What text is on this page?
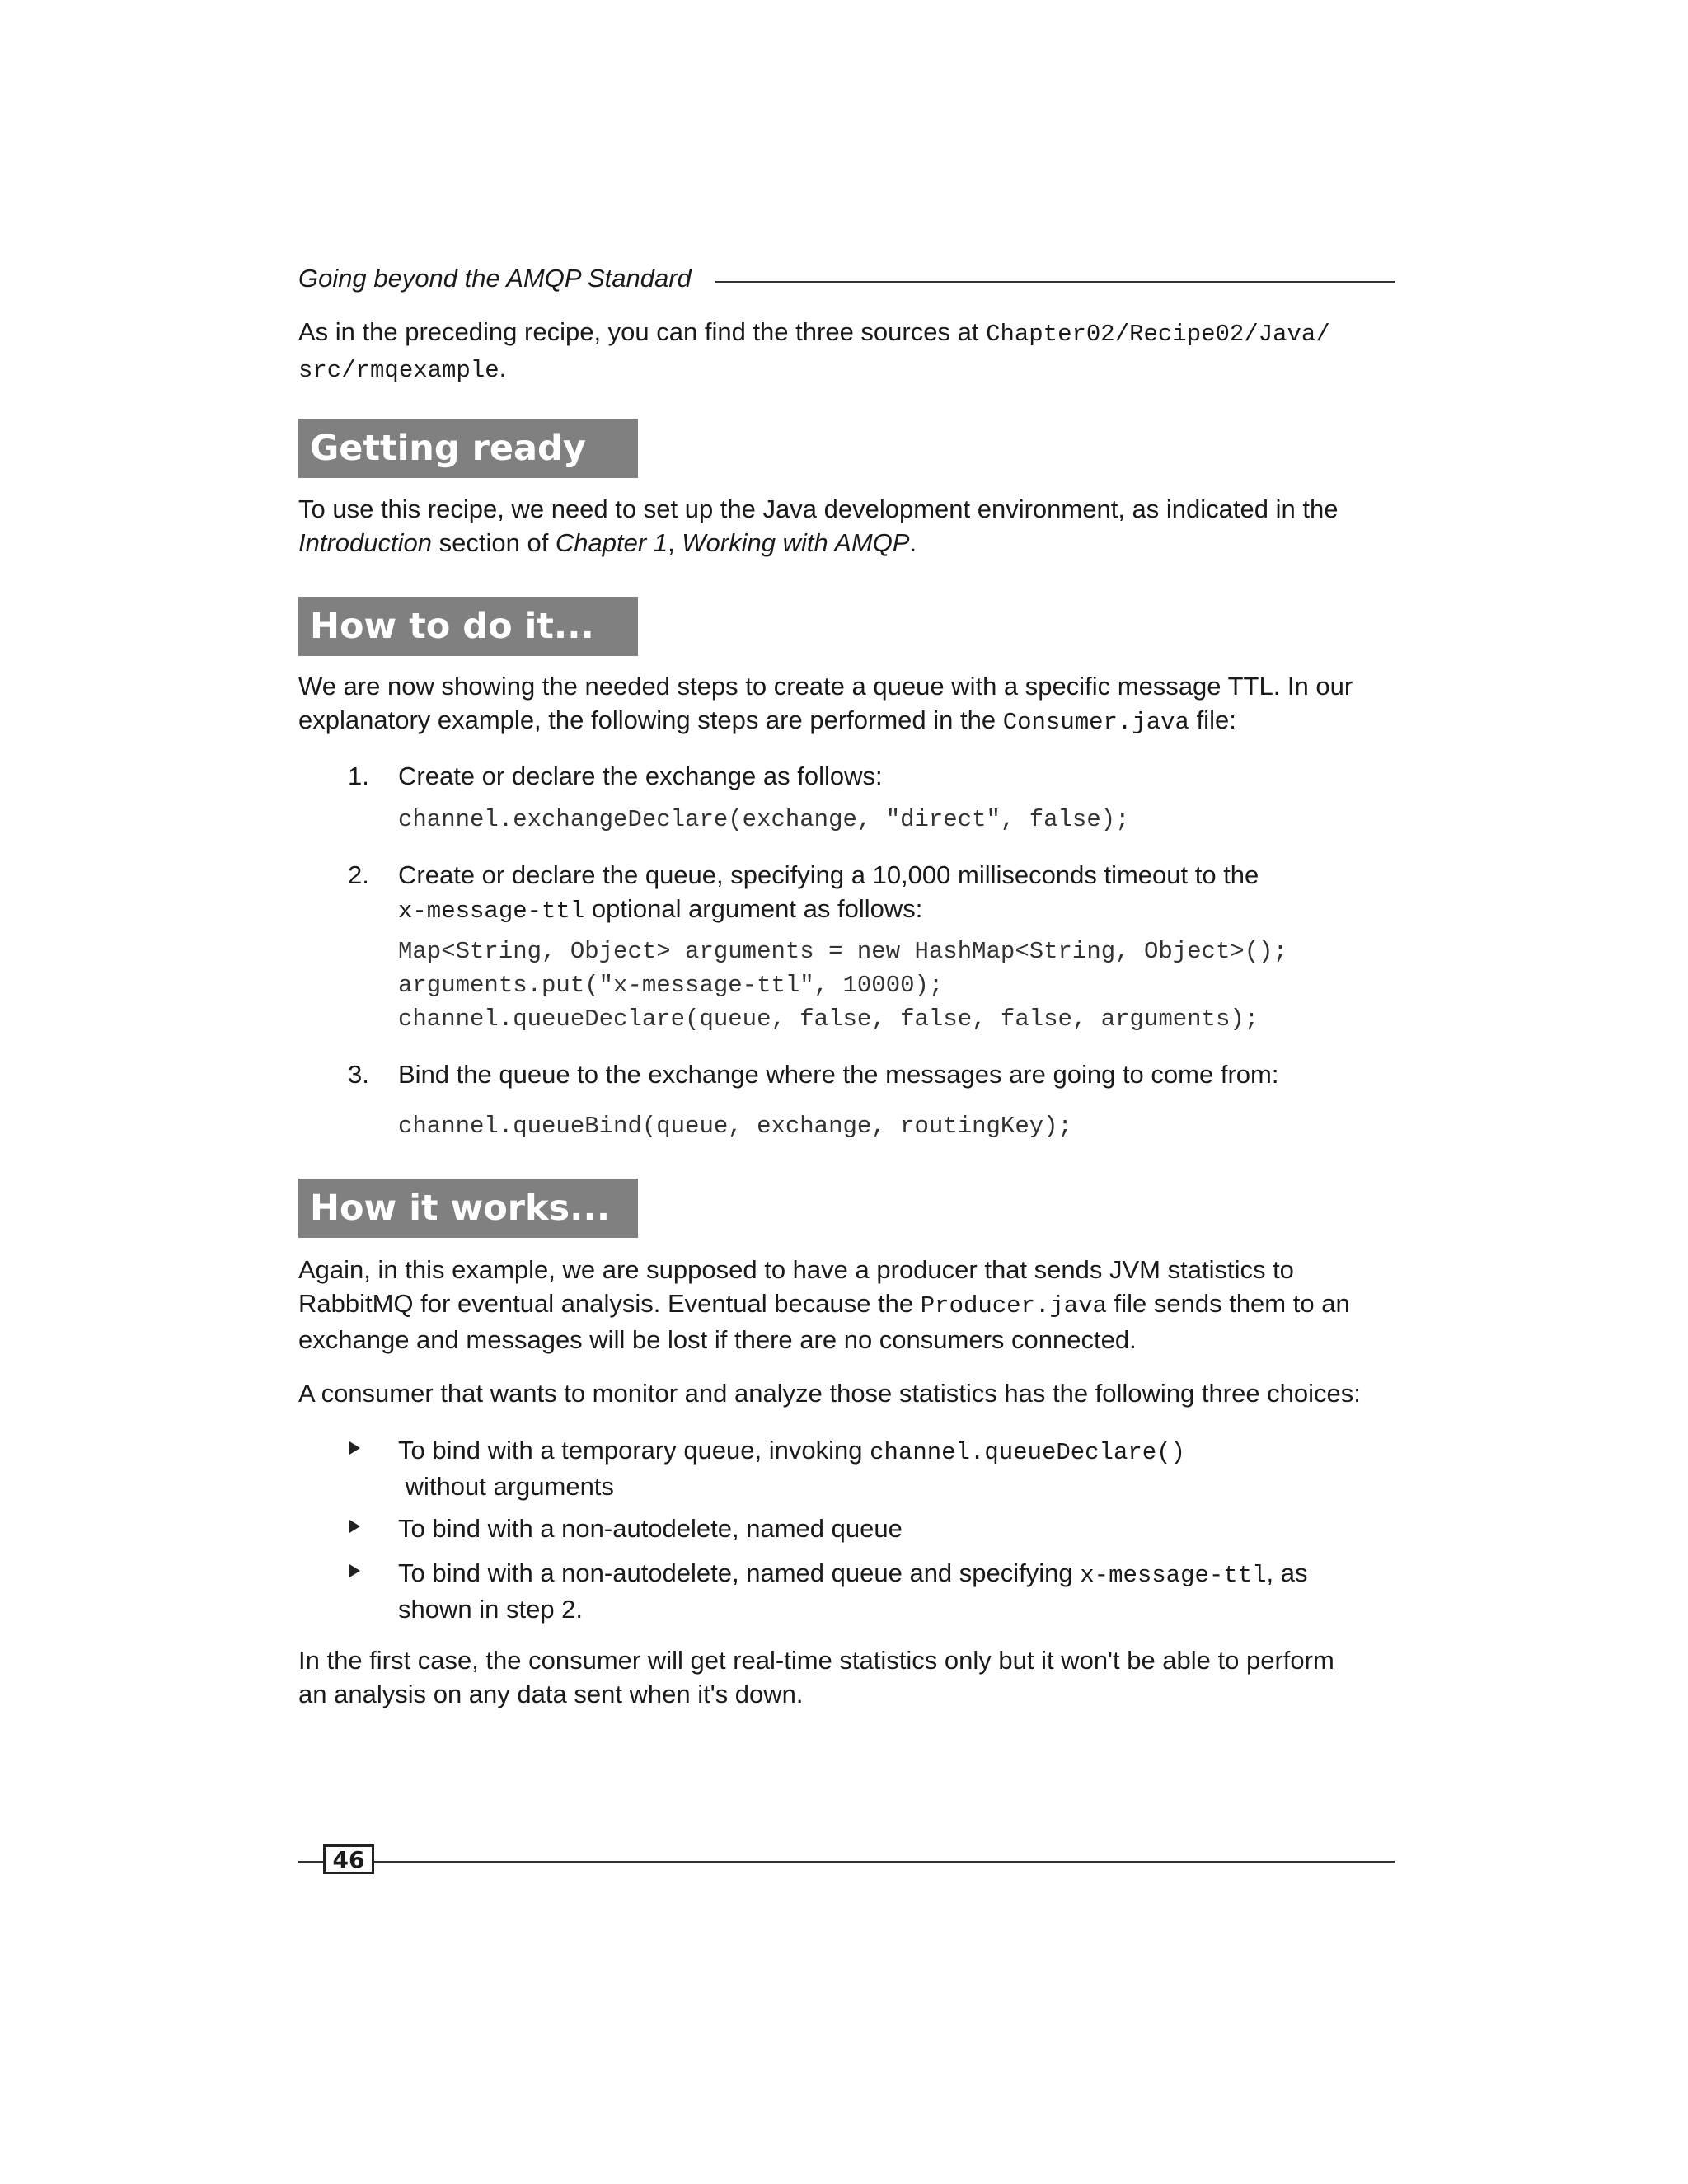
Going beyond the AMQP Standard

As in the preceding recipe, you can find the three sources at Chapter02/Recipe02/Java/
src/rmqexample.

Getting ready

To use this recipe, we need to set up the Java development environment, as indicated in the
Introduction section of Chapter 1, Working with AMQP.

How to do it...

We are now showing the needed steps to create a queue with a specific message TTL. In our
explanatory example, the following steps are performed in the Consumer.java file:

1. Create or declare the exchange as follows:
channel.exchangeDeclare(exchange, "direct", false);
2. Create or declare the queue, specifying a 10,000 milliseconds timeout to the
x-message-ttl optional argument as follows:
Map<String, Object> arguments = new HashMap<String, Object>();
arguments.put("x-message-ttl", 10000);
channel.queueDeclare(queue, false, false, false, arguments);
3. Bind the queue to the exchange where the messages are going to come from:
channel.queueBind(queue, exchange, routingKey);
How it works...

Again, in this example, we are supposed to have a producer that sends JVM statistics to
RabbitMQ for eventual analysis. Eventual because the Producer.java file sends them to an
exchange and messages will be lost if there are no consumers connected.

A consumer that wants to monitor and analyze those statistics has the following three choices:

To bind with a temporary queue, invoking channel.queueDeclare()
without arguments
To bind with a non-autodelete, named queue
To bind with a non-autodelete, named queue and specifying x-message-ttl, as
shown in step 2.

In the first case, the consumer will get real-time statistics only but it won't be able to perform
an analysis on any data sent when it's down.

46
